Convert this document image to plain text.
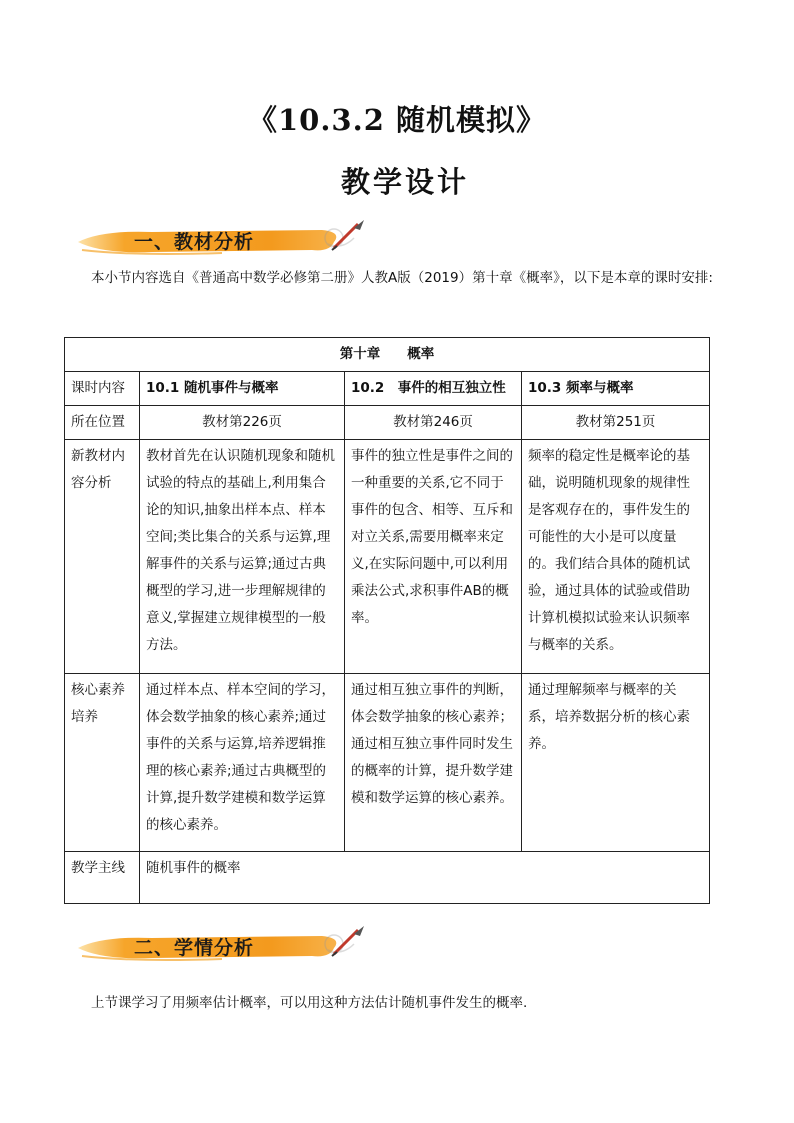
《10.3.2 随机模拟》
教学设计
一、教材分析
本小节内容选自《普通高中数学必修第二册》人教A版（2019）第十章《概率》，以下是本章的课时安排:
第十章　　概率			
课时内容	10.1 随机事件与概率	10.2　事件的相互独立性	10.3 频率与概率
所在位置	教材第226页	教材第246页	教材第251页
新教材内容分析	教材首先在认识随机现象和随机试验的特点的基础上,利用集合论的知识,抽象出样本点、样本空间;类比集合的关系与运算,理解事件的关系与运算;通过古典概型的学习,进一步理解规律的意义,掌握建立规律模型的一般方法。	事件的独立性是事件之间的一种重要的关系,它不同于事件的包含、相等、互斥和对立关系,需要用概率来定义,在实际问题中,可以利用乘法公式,求积事件AB的概率。	频率的稳定性是概率论的基础，说明随机现象的规律性是客观存在的，事件发生的可能性的大小是可以度量的。我们结合具体的随机试验，通过具体的试验或借助计算机模拟试验来认识频率与概率的关系。
核心素养培养	通过样本点、样本空间的学习，体会数学抽象的核心素养;通过事件的关系与运算,培养逻辑推理的核心素养;通过古典概型的计算,提升数学建模和数学运算的核心素养。	通过相互独立事件的判断，体会数学抽象的核心素养；通过相互独立事件同时发生的概率的计算，提升数学建模和数学运算的核心素养。	通过理解频率与概率的关系，培养数据分析的核心素养。
教学主线	随机事件的概率		
二、学情分析
上节课学习了用频率估计概率，可以用这种方法估计随机事件发生的概率.
